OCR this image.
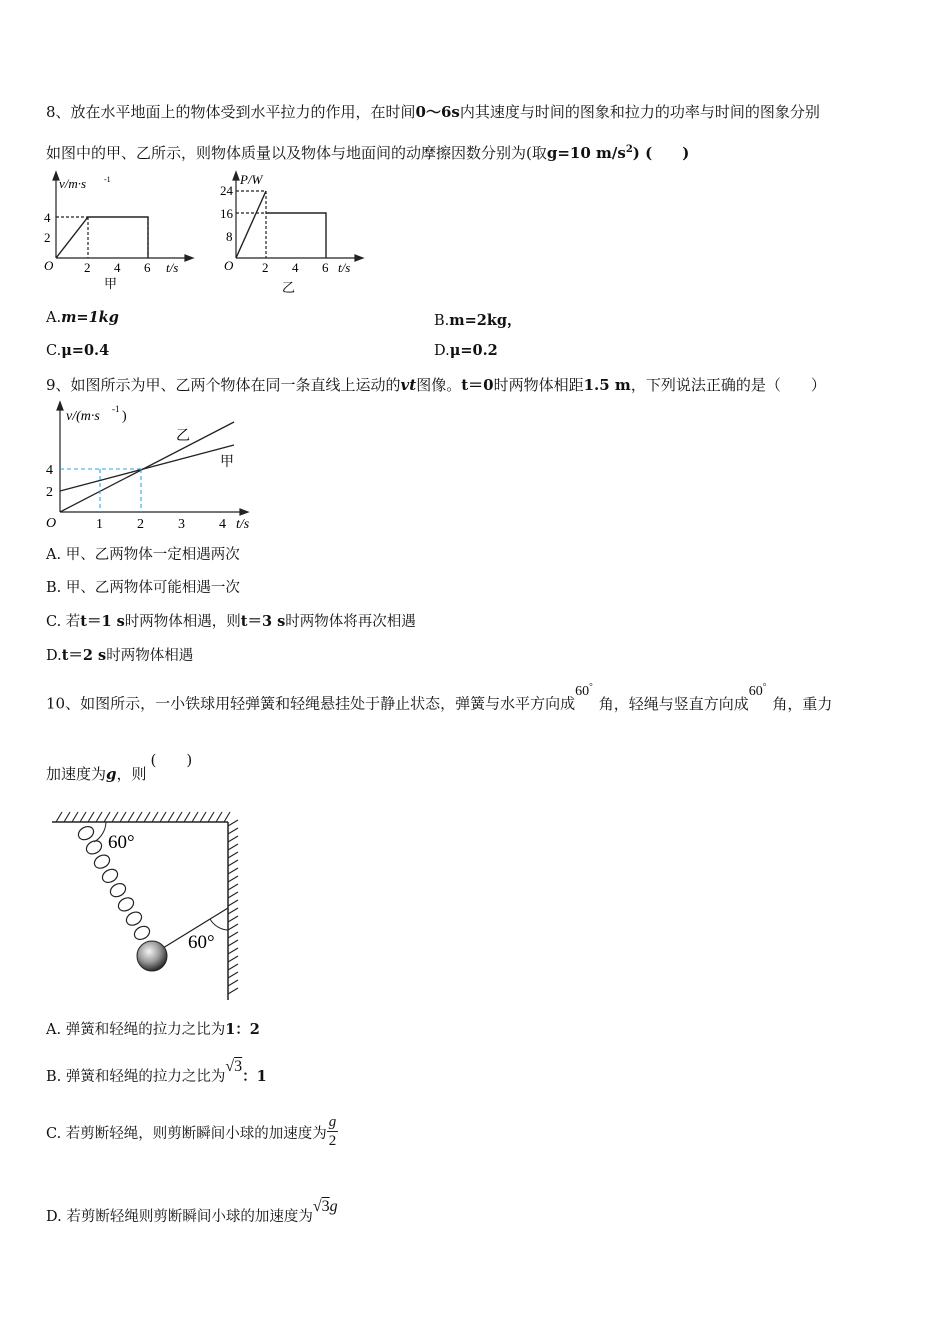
8、放在水平地面上的物体受到水平拉力的作用，在时间0～6s内其速度与时间的图象和拉力的功率与时间的图象分别
如图中的甲、乙所示，则物体质量以及物体与地面间的动摩擦因数分别为(取g=10 $m/s^2$) (　　)
v/m·s -1
4
2
O 2 4 6 t/s
甲
P/W
24
16
8
O 2 4 6 t/s
乙
A.m=1kg	B.m=2kg，
C.μ=0.4	D.μ=0.2
9、如图所示为甲、乙两个物体在同一条直线上运动的vt图像。t＝0时两物体相距1.5 m，下列说法正确的是（　　）
v/(m·s -1 )
4
2
O	1 2 3 4 t/s
乙
甲
A. 甲、乙两物体一定相遇两次
B. 甲、乙两物体可能相遇一次
C. 若t＝1 s时两物体相遇，则t＝3 s时两物体将再次相遇
D.t＝2 s时两物体相遇
10、如图所示，一小铁球用轻弹簧和轻绳悬挂处于静止状态，弹簧与水平方向成60°角，轻绳与竖直方向成60°角，重力
加速度为g，则(　　)
60°
60°
A. 弹簧和轻绳的拉力之比为1：2
B. 弹簧和轻绳的拉力之比为√3：1
C. 若剪断轻绳，则剪断瞬间小球的加速度为 $\frac{g}{2}$
D. 若剪断轻绳则剪断瞬间小球的加速度为√3g
